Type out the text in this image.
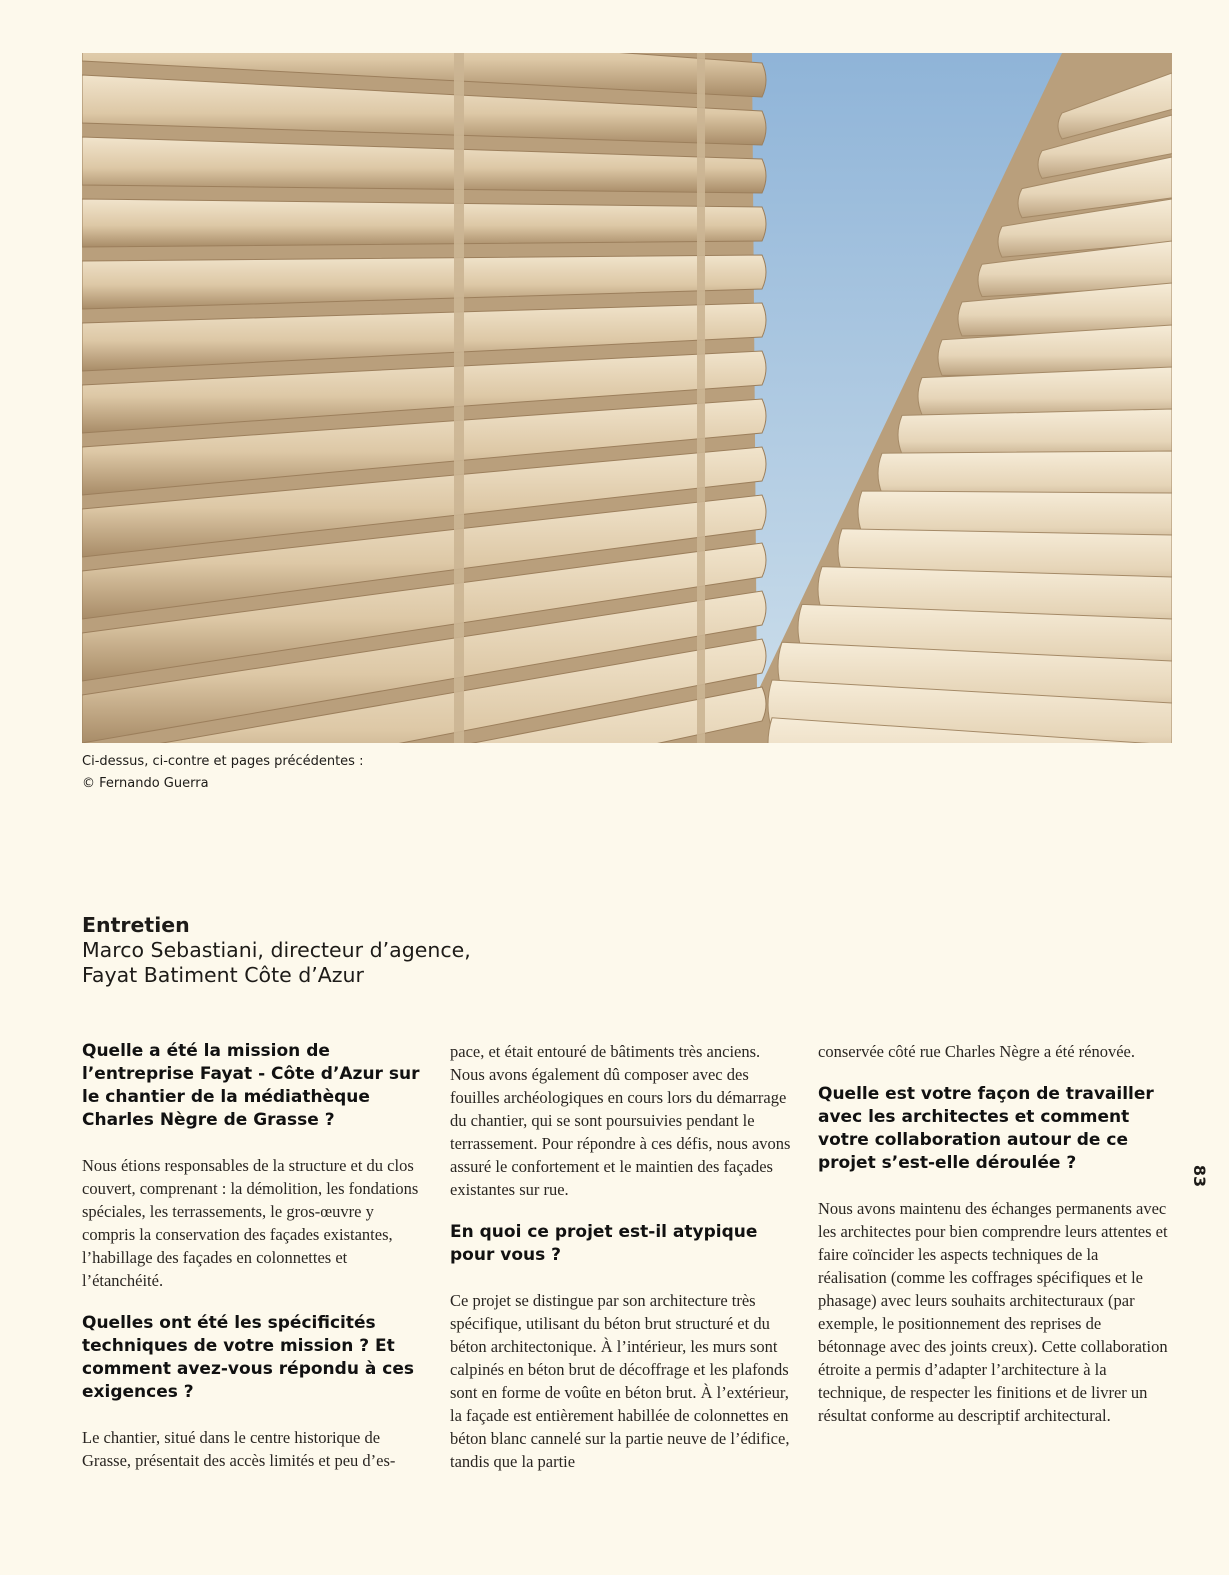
Ci-dessus, ci-contre et pages précédentes :
© Fernando Guerra
Entretien
Marco Sebastiani, directeur d’agence,
Fayat Batiment Côte d’Azur
Quelle a été la mission de l’entreprise Fayat - Côte d’Azur sur le chantier de la médiathèque Charles Nègre de Grasse ?

Nous étions responsables de la structure et du clos couvert, comprenant : la démolition, les fondations spéciales, les terrassements, le gros-œuvre y compris la conservation des façades existantes, l’habillage des façades en colonnettes et l’étanchéité.

Quelles ont été les spécificités techniques de votre mission ? Et comment avez-vous répondu à ces exigences ?

Le chantier, situé dans le centre historique de Grasse, présentait des accès limités et peu d’es-

pace, et était entouré de bâtiments très anciens. Nous avons également dû composer avec des fouilles archéologiques en cours lors du démarrage du chantier, qui se sont poursuivies pendant le terrassement. Pour répondre à ces défis, nous avons assuré le confortement et le maintien des façades existantes sur rue.

En quoi ce projet est-il atypique pour vous ?

Ce projet se distingue par son architecture très spécifique, utilisant du béton brut structuré et du béton architectonique. À l’intérieur, les murs sont calpinés en béton brut de décoffrage et les plafonds sont en forme de voûte en béton brut. À l’extérieur, la façade est entièrement habillée de colonnettes en béton blanc cannelé sur la partie neuve de l’édifice, tandis que la partie

conservée côté rue Charles Nègre a été rénovée.

Quelle est votre façon de travailler avec les architectes et comment votre collaboration autour de ce projet s’est-elle déroulée ?

Nous avons maintenu des échanges permanents avec les architectes pour bien comprendre leurs attentes et faire coïncider les aspects techniques de la réalisation (comme les coffrages spécifiques et le phasage) avec leurs souhaits architecturaux (par exemple, le positionnement des reprises de bétonnage avec des joints creux). Cette collaboration étroite a permis d’adapter l’architecture à la technique, de respecter les finitions et de livrer un résultat conforme au descriptif architectural.

83
